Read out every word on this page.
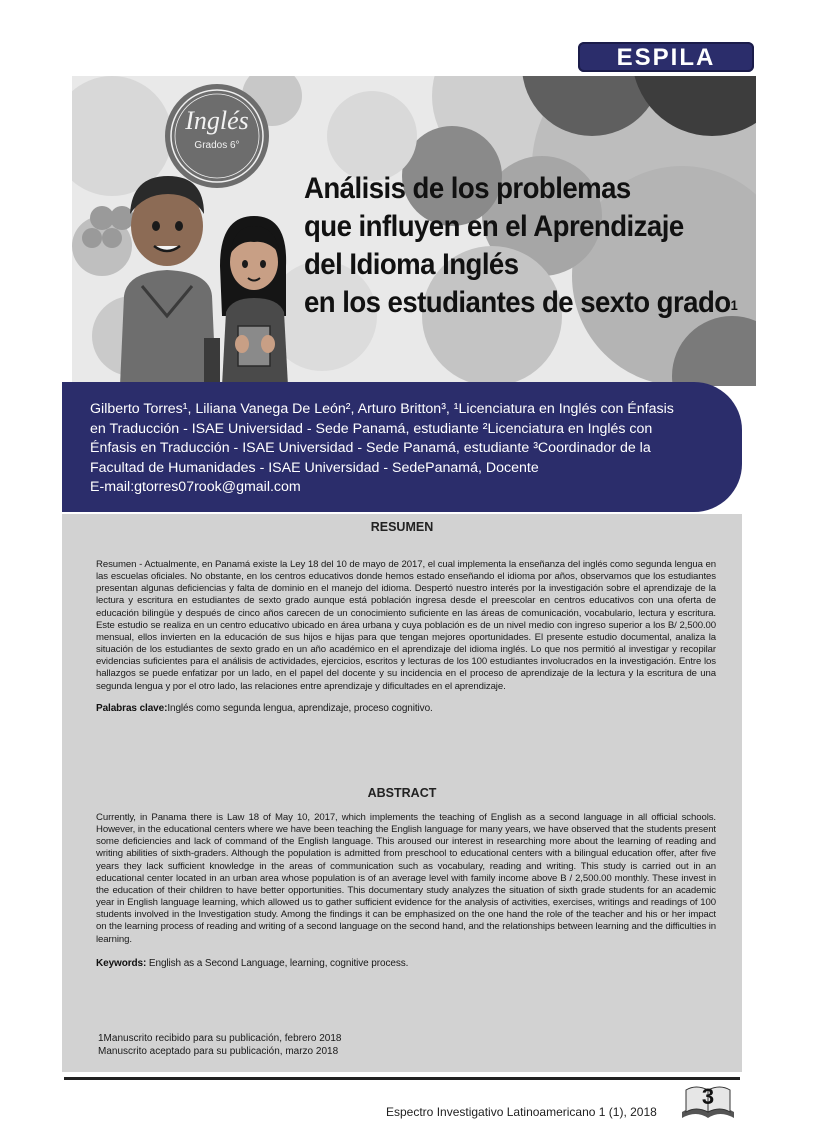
ESPILA
Inglés
Grados 6°
Análisis de los problemas
que influyen en el Aprendizaje
del Idioma Inglés
en los estudiantes de sexto grado$^1$
Gilberto Torres¹, Liliana Vanega De León², Arturo Britton³, ¹Licenciatura en Inglés con Énfasis
en Traducción - ISAE Universidad - Sede Panamá, estudiante ²Licenciatura en Inglés con
Énfasis en Traducción - ISAE Universidad - Sede Panamá, estudiante ³Coordinador de la
Facultad de Humanidades - ISAE Universidad - SedePanamá, Docente
E-mail:gtorres07rook@gmail.com
RESUMEN
Resumen - Actualmente, en Panamá existe la Ley 18 del 10 de mayo de 2017, el cual implementa la enseñanza del inglés como segunda lengua en las escuelas oficiales. No obstante, en los centros educativos donde hemos estado enseñando el idioma por años, observamos que los estudiantes presentan algunas deficiencias y falta de dominio en el manejo del idioma. Despertó nuestro interés por la investigación sobre el aprendizaje de la lectura y escritura en estudiantes de sexto grado aunque está población ingresa desde el preescolar en centros educativos con una oferta de educación bilingüe y después de cinco años carecen de un conocimiento suficiente en las áreas de comunicación, vocabulario, lectura y escritura. Este estudio se realiza en un centro educativo ubicado en área urbana y cuya población es de un nivel medio con ingreso superior a los B/ 2,500.00 mensual, ellos invierten en la educación de sus hijos e hijas para que tengan mejores oportunidades. El presente estudio documental, analiza la situación de los estudiantes de sexto grado en un año académico en el aprendizaje del idioma inglés. Lo que nos permitió al investigar y recopilar evidencias suficientes para el análisis de actividades, ejercicios, escritos y lecturas de los 100 estudiantes involucrados en la investigación. Entre los hallazgos se puede enfatizar por un lado, en el papel del docente y su incidencia en el proceso de aprendizaje de la lectura y la escritura de una segunda lengua y por el otro lado, las relaciones entre aprendizaje y dificultades en el aprendizaje.
Palabras clave:Inglés como segunda lengua, aprendizaje, proceso cognitivo.
ABSTRACT
Currently, in Panama there is Law 18 of May 10, 2017, which implements the teaching of English as a second language in all official schools. However, in the educational centers where we have been teaching the English language for many years, we have observed that the students present some deficiencies and lack of command of the English language. This aroused our interest in researching more about the learning of reading and writing abilities of sixth-graders. Although the population is admitted from preschool to educational centers with a bilingual education offer, after five years they lack sufficient knowledge in the areas of communication such as vocabulary, reading and writing. This study is carried out in an educational center located in an urban area whose population is of an average level with family income above B / 2,500.00 monthly. These invest in the education of their children to have better opportunities. This documentary study analyzes the situation of sixth grade students for an academic year in English language learning, which allowed us to gather sufficient evidence for the analysis of activities, exercises, writings and readings of 100 students involved in the Investigation study. Among the findings it can be emphasized on the one hand the role of the teacher and his or her impact on the learning process of reading and writing of a second language on the second hand, and the relationships between learning and the difficulties in learning.
Keywords: English as a Second Language, learning, cognitive process.
1Manuscrito recibido para su publicación, febrero 2018
Manuscrito aceptado para su publicación, marzo 2018
Espectro Investigativo Latinoamericano 1 (1), 2018
3
